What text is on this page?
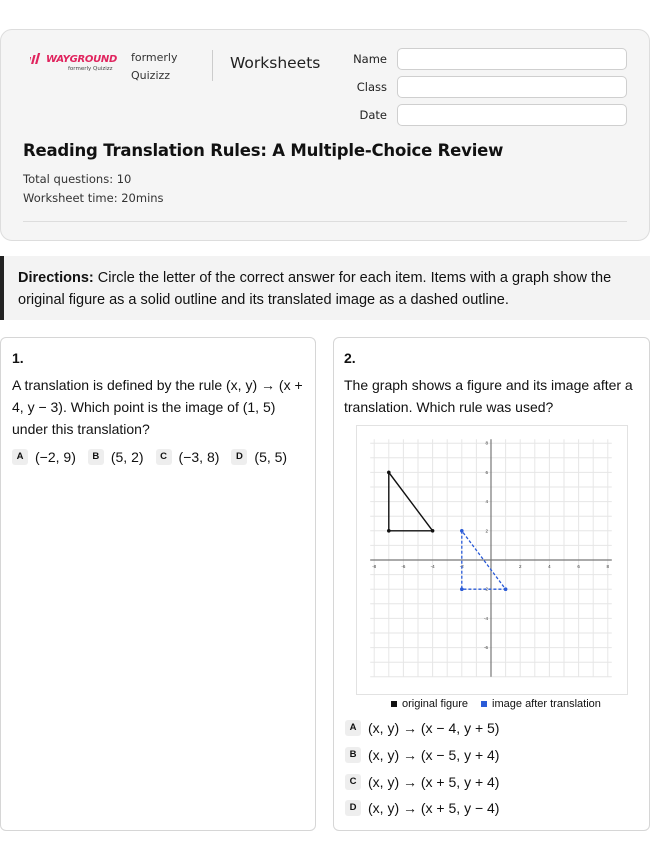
WAYGROUND
formerly Quizizz
formerly Quizizz
Worksheets	Name
Class
Date
Reading Translation Rules: A Multiple-Choice Review
Total questions: 10
Worksheet time: 20mins
Directions: Circle the letter of the correct answer for each item. Items with a graph show the original figure as a solid outline and its translated image as a dashed outline.
1.
A translation is defined by the rule (x, y) → (x + 4, y − 3). Which point is the image of (1, 5) under this translation?
A (−2, 9)	B (5, 2)	C (−3, 8)	D (5, 5)
2.
The graph shows a figure and its image after a translation. Which rule was used?
-8	-6	-4	-2	2	4	6	8
8
6
4
2
-2
-4
-6
original figure image after translation
A (x, y) → (x − 4, y + 5)
B (x, y) → (x − 5, y + 4)
C (x, y) → (x + 5, y + 4)
D (x, y) → (x + 5, y − 4)
